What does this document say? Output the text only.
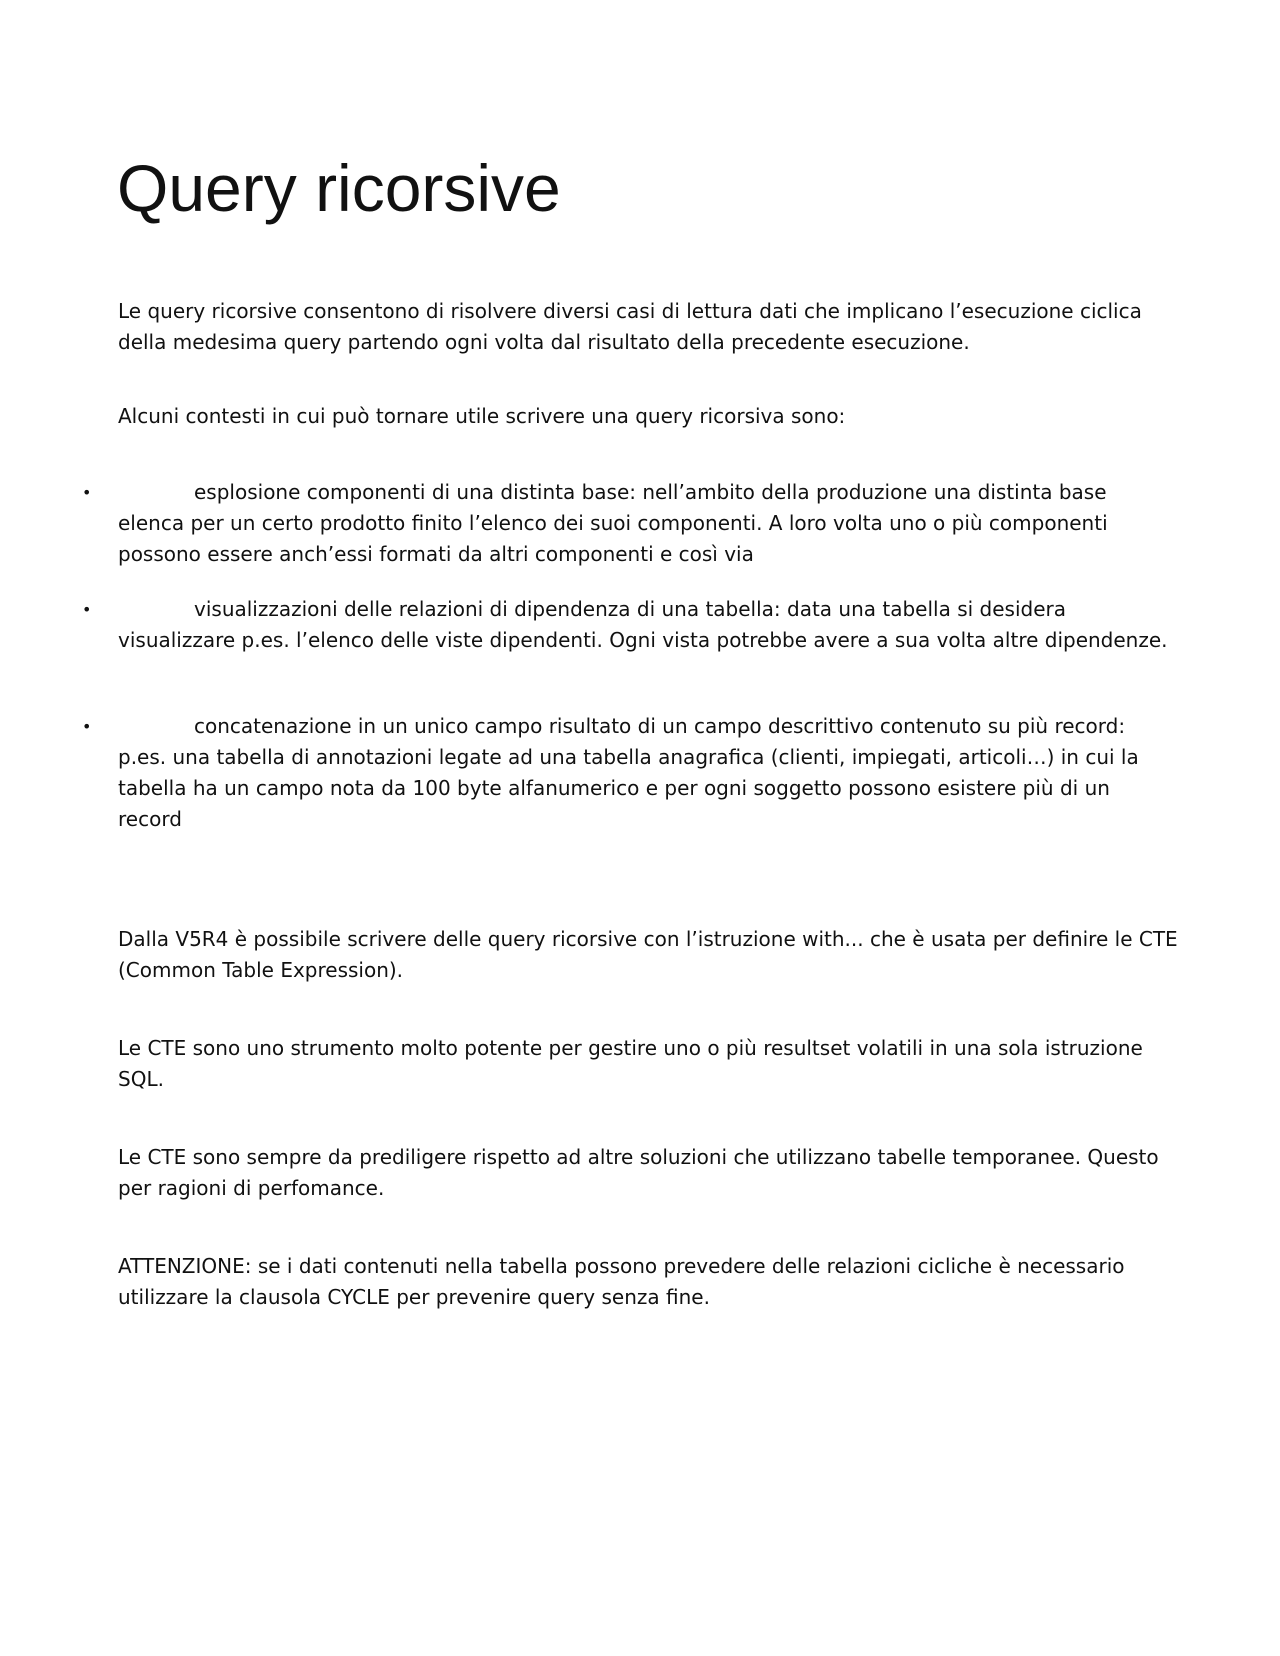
Query ricorsive

Le query ricorsive consentono di risolvere diversi casi di lettura dati che implicano l’esecuzione ciclica della medesima query partendo ogni volta dal risultato della precedente esecuzione.

Alcuni contesti in cui può tornare utile scrivere una query ricorsiva sono:

•	esplosione componenti di una distinta base: nell’ambito della produzione una distinta base elenca per un certo prodotto finito l’elenco dei suoi componenti. A loro volta uno o più componenti possono essere anch’essi formati da altri componenti e così via
•	visualizzazioni delle relazioni di dipendenza di una tabella: data una tabella si desidera visualizzare p.es. l’elenco delle viste dipendenti. Ogni vista potrebbe avere a sua volta altre dipendenze.
•	concatenazione in un unico campo risultato di un campo descrittivo contenuto su più record: p.es. una tabella di annotazioni legate ad una tabella anagrafica (clienti, impiegati, articoli…) in cui la tabella ha un campo nota da 100 byte alfanumerico e per ogni soggetto possono esistere più di un record

Dalla V5R4 è possibile scrivere delle query ricorsive con l’istruzione with... che è usata per definire le CTE (Common Table Expression).

Le CTE sono uno strumento molto potente per gestire uno o più resultset volatili in una sola istruzione SQL.

Le CTE sono sempre da prediligere rispetto ad altre soluzioni che utilizzano tabelle temporanee. Questo per ragioni di perfomance.

ATTENZIONE: se i dati contenuti nella tabella possono prevedere delle relazioni cicliche è necessario utilizzare la clausola CYCLE per prevenire query senza fine.
